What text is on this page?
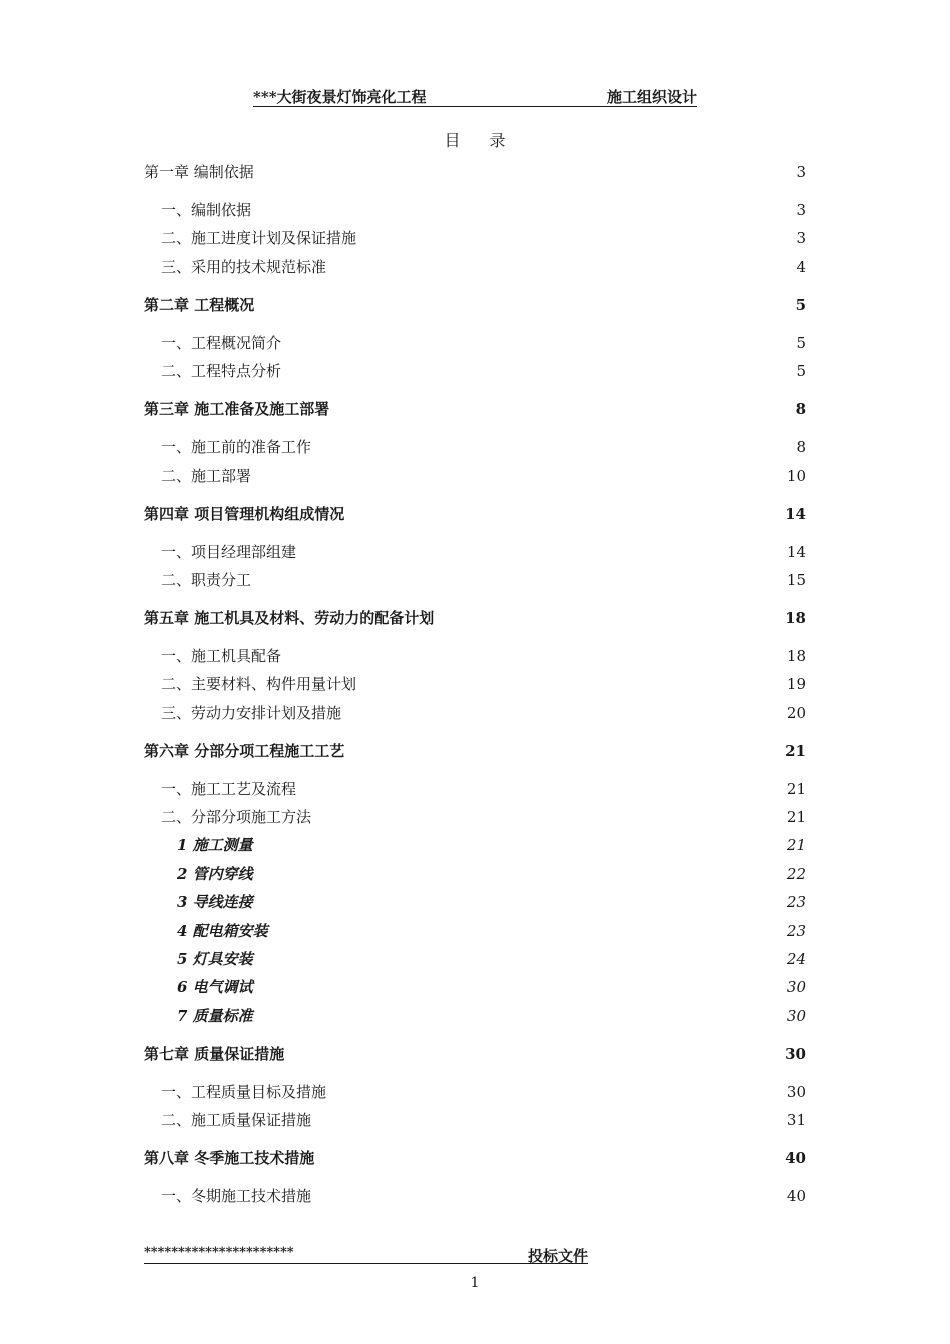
***大街夜景灯饰亮化工程	施工组织设计
目 录
第一章 编制依据	3
一、编制依据	3
二、施工进度计划及保证措施	3
三、采用的技术规范标准	4
第二章 工程概况	5
一、工程概况简介	5
二、工程特点分析	5
第三章 施工准备及施工部署	8
一、施工前的准备工作	8
二、施工部署	10
第四章 项目管理机构组成情况	14
一、项目经理部组建	14
二、职责分工	15
第五章 施工机具及材料、劳动力的配备计划	18
一、施工机具配备	18
二、主要材料、构件用量计划	19
三、劳动力安排计划及措施	20
第六章 分部分项工程施工工艺	21
一、施工工艺及流程	21
二、分部分项施工方法	21
1 施工测量	21
2 管内穿线	22
3 导线连接	23
4 配电箱安装	23
5 灯具安装	24
6 电气调试	30
7 质量标准	30
第七章 质量保证措施	30
一、工程质量目标及措施	30
二、施工质量保证措施	31
第八章 冬季施工技术措施	40
一、冬期施工技术措施	40
**********************	投标文件
1
